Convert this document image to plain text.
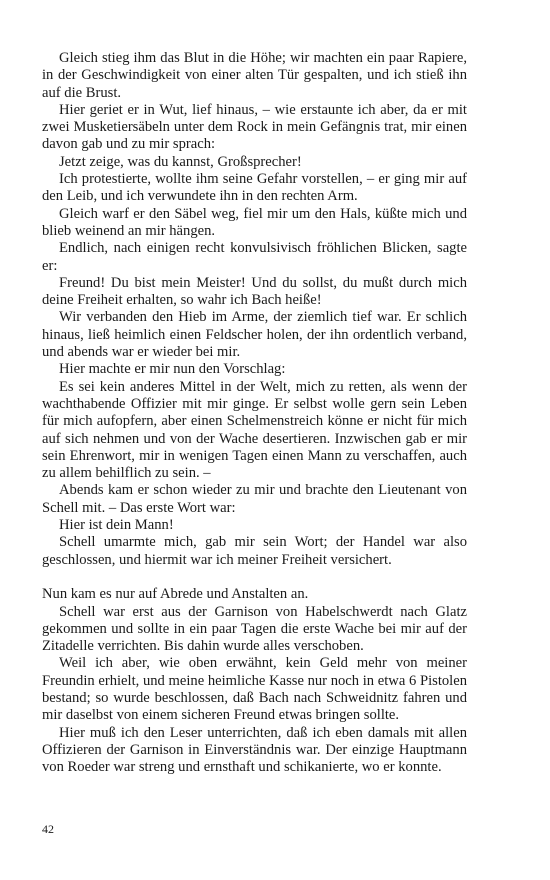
Gleich stieg ihm das Blut in die Höhe; wir machten ein paar Rapiere, in der Geschwindigkeit von einer alten Tür gespalten, und ich stieß ihn auf die Brust.

Hier geriet er in Wut, lief hinaus, – wie erstaunte ich aber, da er mit zwei Musketiersäbeln unter dem Rock in mein Gefängnis trat, mir einen davon gab und zu mir sprach:

Jetzt zeige, was du kannst, Großsprecher!

Ich protestierte, wollte ihm seine Gefahr vorstellen, – er ging mir auf den Leib, und ich verwundete ihn in den rechten Arm.

Gleich warf er den Säbel weg, fiel mir um den Hals, küßte mich und blieb weinend an mir hängen.

Endlich, nach einigen recht konvulsivisch fröhlichen Blicken, sagte er:

Freund! Du bist mein Meister! Und du sollst, du mußt durch mich deine Freiheit erhalten, so wahr ich Bach heiße!

Wir verbanden den Hieb im Arme, der ziemlich tief war. Er schlich hinaus, ließ heimlich einen Feldscher holen, der ihn ordentlich verband, und abends war er wieder bei mir.

Hier machte er mir nun den Vorschlag:

Es sei kein anderes Mittel in der Welt, mich zu retten, als wenn der wachthabende Offizier mit mir ginge. Er selbst wolle gern sein Leben für mich aufopfern, aber einen Schelmenstreich könne er nicht für mich auf sich nehmen und von der Wache desertieren. Inzwischen gab er mir sein Ehrenwort, mir in wenigen Tagen einen Mann zu verschaffen, auch zu allem behilflich zu sein. –

Abends kam er schon wieder zu mir und brachte den Lieutenant von Schell mit. – Das erste Wort war:

Hier ist dein Mann!

Schell umarmte mich, gab mir sein Wort; der Handel war also geschlossen, und hiermit war ich meiner Freiheit versichert.

Nun kam es nur auf Abrede und Anstalten an.

Schell war erst aus der Garnison von Habelschwerdt nach Glatz gekommen und sollte in ein paar Tagen die erste Wache bei mir auf der Zitadelle verrichten. Bis dahin wurde alles verschoben.

Weil ich aber, wie oben erwähnt, kein Geld mehr von meiner Freundin erhielt, und meine heimliche Kasse nur noch in etwa 6 Pistolen bestand; so wurde beschlossen, daß Bach nach Schweidnitz fahren und mir daselbst von einem sicheren Freund etwas bringen sollte.

Hier muß ich den Leser unterrichten, daß ich eben damals mit allen Offizieren der Garnison in Einverständnis war. Der einzige Hauptmann von Roeder war streng und ernsthaft und schikanierte, wo er konnte.

42
